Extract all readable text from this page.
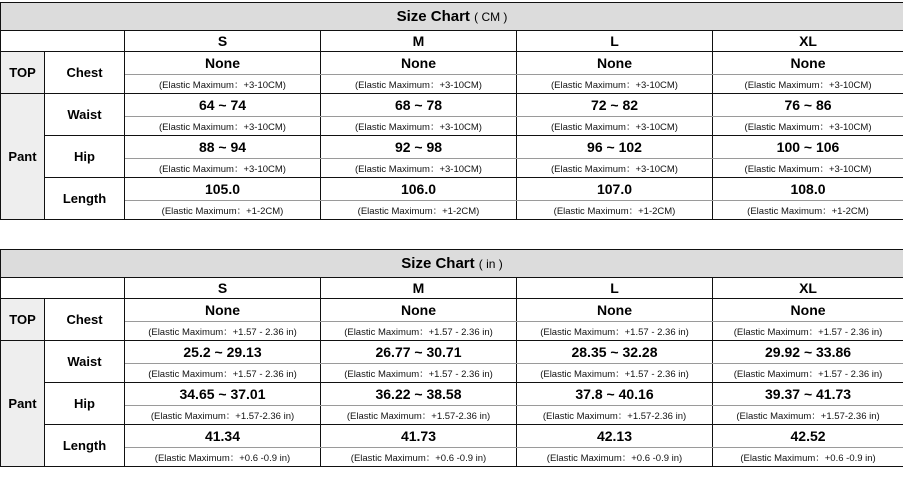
Size Chart ( CM )					
		S	M	L	XL
TOP	Chest	None	None	None	None
		(Elastic Maximum：+3-10CM)	(Elastic Maximum：+3-10CM)	(Elastic Maximum：+3-10CM)	(Elastic Maximum：+3-10CM)
Pant	Waist	64 ~ 74	68 ~ 78	72 ~ 82	76 ~ 86
		(Elastic Maximum：+3-10CM)	(Elastic Maximum：+3-10CM)	(Elastic Maximum：+3-10CM)	(Elastic Maximum：+3-10CM)
	Hip	88 ~ 94	92 ~ 98	96 ~ 102	100 ~ 106
		(Elastic Maximum：+3-10CM)	(Elastic Maximum：+3-10CM)	(Elastic Maximum：+3-10CM)	(Elastic Maximum：+3-10CM)
	Length	105.0	106.0	107.0	108.0
		(Elastic Maximum：+1-2CM)	(Elastic Maximum：+1-2CM)	(Elastic Maximum：+1-2CM)	(Elastic Maximum：+1-2CM)
Size Chart ( in )					
		S	M	L	XL
TOP	Chest	None	None	None	None
		(Elastic Maximum：+1.57 - 2.36 in)	(Elastic Maximum：+1.57 - 2.36 in)	(Elastic Maximum：+1.57 - 2.36 in)	(Elastic Maximum：+1.57 - 2.36 in)
Pant	Waist	25.2 ~ 29.13	26.77 ~ 30.71	28.35 ~ 32.28	29.92 ~ 33.86
		(Elastic Maximum：+1.57 - 2.36 in)	(Elastic Maximum：+1.57 - 2.36 in)	(Elastic Maximum：+1.57 - 2.36 in)	(Elastic Maximum：+1.57 - 2.36 in)
	Hip	34.65 ~ 37.01	36.22 ~ 38.58	37.8 ~ 40.16	39.37 ~ 41.73
		(Elastic Maximum：+1.57-2.36 in)	(Elastic Maximum：+1.57-2.36 in)	(Elastic Maximum：+1.57-2.36 in)	(Elastic Maximum：+1.57-2.36 in)
	Length	41.34	41.73	42.13	42.52
		(Elastic Maximum：+0.6 -0.9 in)	(Elastic Maximum：+0.6 -0.9 in)	(Elastic Maximum：+0.6 -0.9 in)	(Elastic Maximum：+0.6 -0.9 in)
